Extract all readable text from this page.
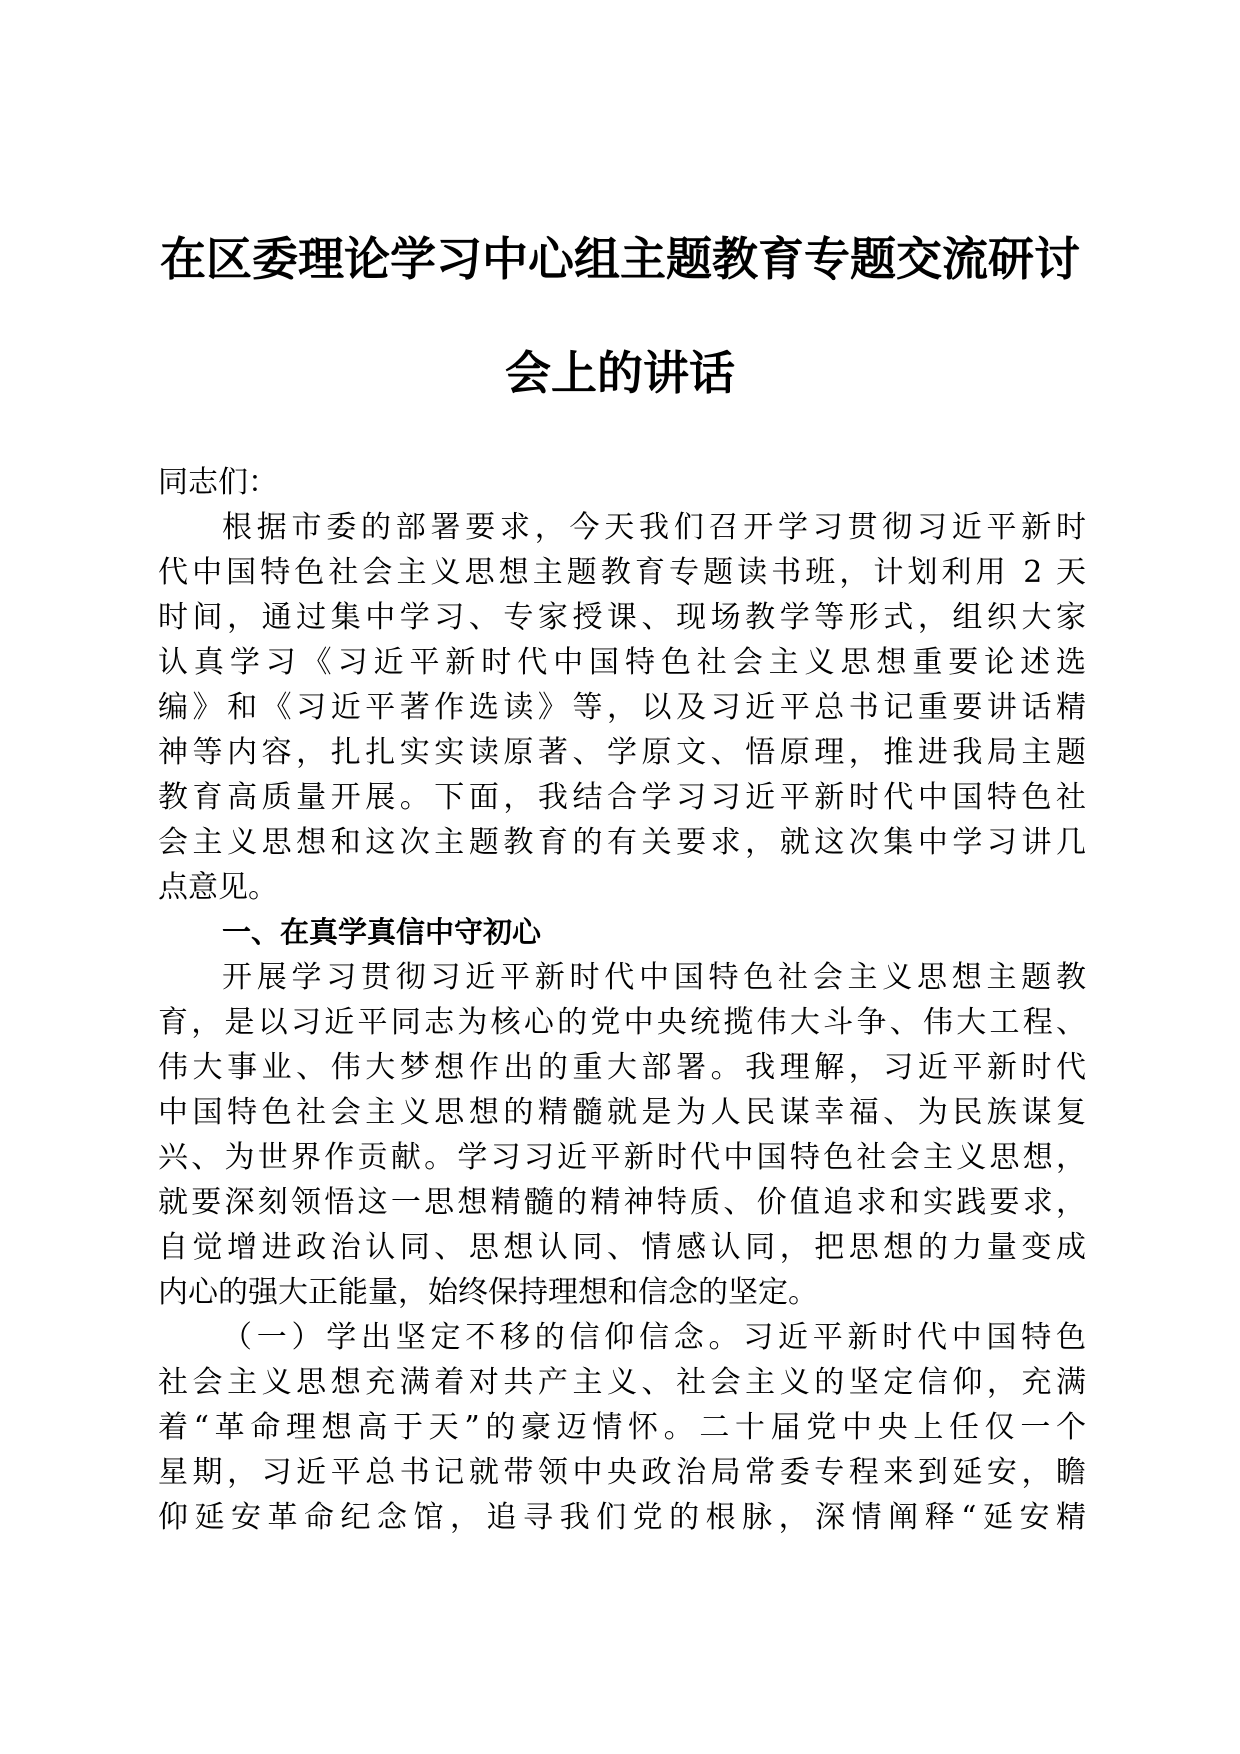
在区委理论学习中心组主题教育专题交流研讨
会上的讲话
同志们：
根据市委的部署要求，今天我们召开学习贯彻习近平新时
代中国特色社会主义思想主题教育专题读书班，计划利用 2 天
时间，通过集中学习、专家授课、现场教学等形式，组织大家
认真学习《习近平新时代中国特色社会主义思想重要论述选
编》和《习近平著作选读》等，以及习近平总书记重要讲话精
神等内容，扎扎实实读原著、学原文、悟原理，推进我局主题
教育高质量开展。下面，我结合学习习近平新时代中国特色社
会主义思想和这次主题教育的有关要求，就这次集中学习讲几
点意见。
一、在真学真信中守初心
开展学习贯彻习近平新时代中国特色社会主义思想主题教
育，是以习近平同志为核心的党中央统揽伟大斗争、伟大工程、
伟大事业、伟大梦想作出的重大部署。我理解，习近平新时代
中国特色社会主义思想的精髓就是为人民谋幸福、为民族谋复
兴、为世界作贡献。学习习近平新时代中国特色社会主义思想，
就要深刻领悟这一思想精髓的精神特质、价值追求和实践要求，
自觉增进政治认同、思想认同、情感认同，把思想的力量变成
内心的强大正能量，始终保持理想和信念的坚定。
（一）学出坚定不移的信仰信念。习近平新时代中国特色
社会主义思想充满着对共产主义、社会主义的坚定信仰，充满
着“革命理想高于天”的豪迈情怀。二十届党中央上任仅一个
星期，习近平总书记就带领中央政治局常委专程来到延安，瞻
仰延安革命纪念馆，追寻我们党的根脉，深情阐释“延安精
